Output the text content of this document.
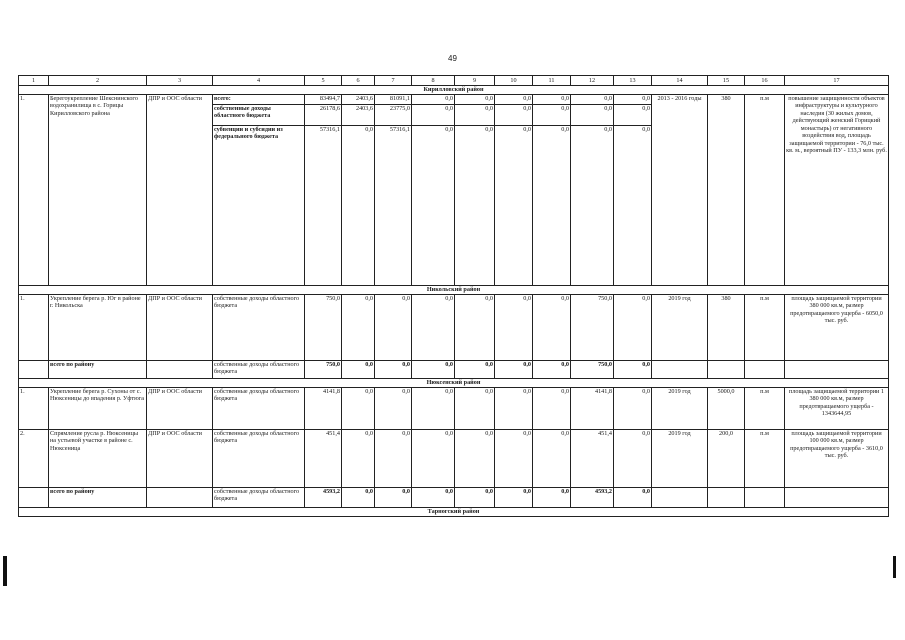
49
1	2	3	4	5	6	7	8	9	10	11	12	13	14	15	16	17
Кирилловский район																
1.	Берегоукрепление Шекснинского водохранилища в с. Горицы Кирилловского района	ДПР и ООС области	всего:	83494,7	2403,6	81091,1	0,0	0,0	0,0	0,0	0,0	0,0	2013 - 2016 годы	380	п.м	повышение защищенности объектов инфраструктуры и культурного наследия (30 жилых домов, действующий женский Горицкий монастырь) от негативного воздействия вод, площадь защищаемой территории - 76,0 тыс. кв. м., вероятный ПУ - 133,3 млн. руб.
			собственные доходы областного бюджета	26178,6	2403,6	23775,0	0,0	0,0	0,0	0,0	0,0	0,0				
			субвенции и субсидии из федерального бюджета	57316,1	0,0	57316,1	0,0	0,0	0,0	0,0	0,0	0,0				
Никольский район																
1.	Укрепление берега р. Юг в районе г. Никольска	ДПР и ООС области	собственные доходы областного бюджета	750,0	0,0	0,0	0,0	0,0	0,0	0,0	750,0	0,0	2019 год	380	п.м	площадь защищаемой территории 380 000 кв.м, размер предотвращаемого ущерба - 6050,0 тыс. руб.
	всего по району		собственные доходы областного бюджета	750,0	0,0	0,0	0,0	0,0	0,0	0,0	750,0	0,0				
Нюксенский район																
1.	Укрепление берега р. Сухоны от с. Нюксеницы до впадения р. Уфтюга	ДПР и ООС области	собственные доходы областного бюджета	4141,8	0,0	0,0	0,0	0,0	0,0	0,0	4141,8	0,0	2019 год	5000,0	п.м	площадь защищаемой территории 1 380 000 кв.м, размер предотвращаемого ущерба - 1343644,95
2.	Спрямление русла р. Нюксеницы на устьевой участке в районе с. Нюксеница	ДПР и ООС области	собственные доходы областного бюджета	451,4	0,0	0,0	0,0	0,0	0,0	0,0	451,4	0,0	2019 год	200,0	п.м	площадь защищаемой территории 100 000 кв.м, размер предотвращаемого ущерба - 3610,0 тыс. руб.
	всего по району		собственные доходы областного бюджета	4593,2	0,0	0,0	0,0	0,0	0,0	0,0	4593,2	0,0				
Тарногский район																
